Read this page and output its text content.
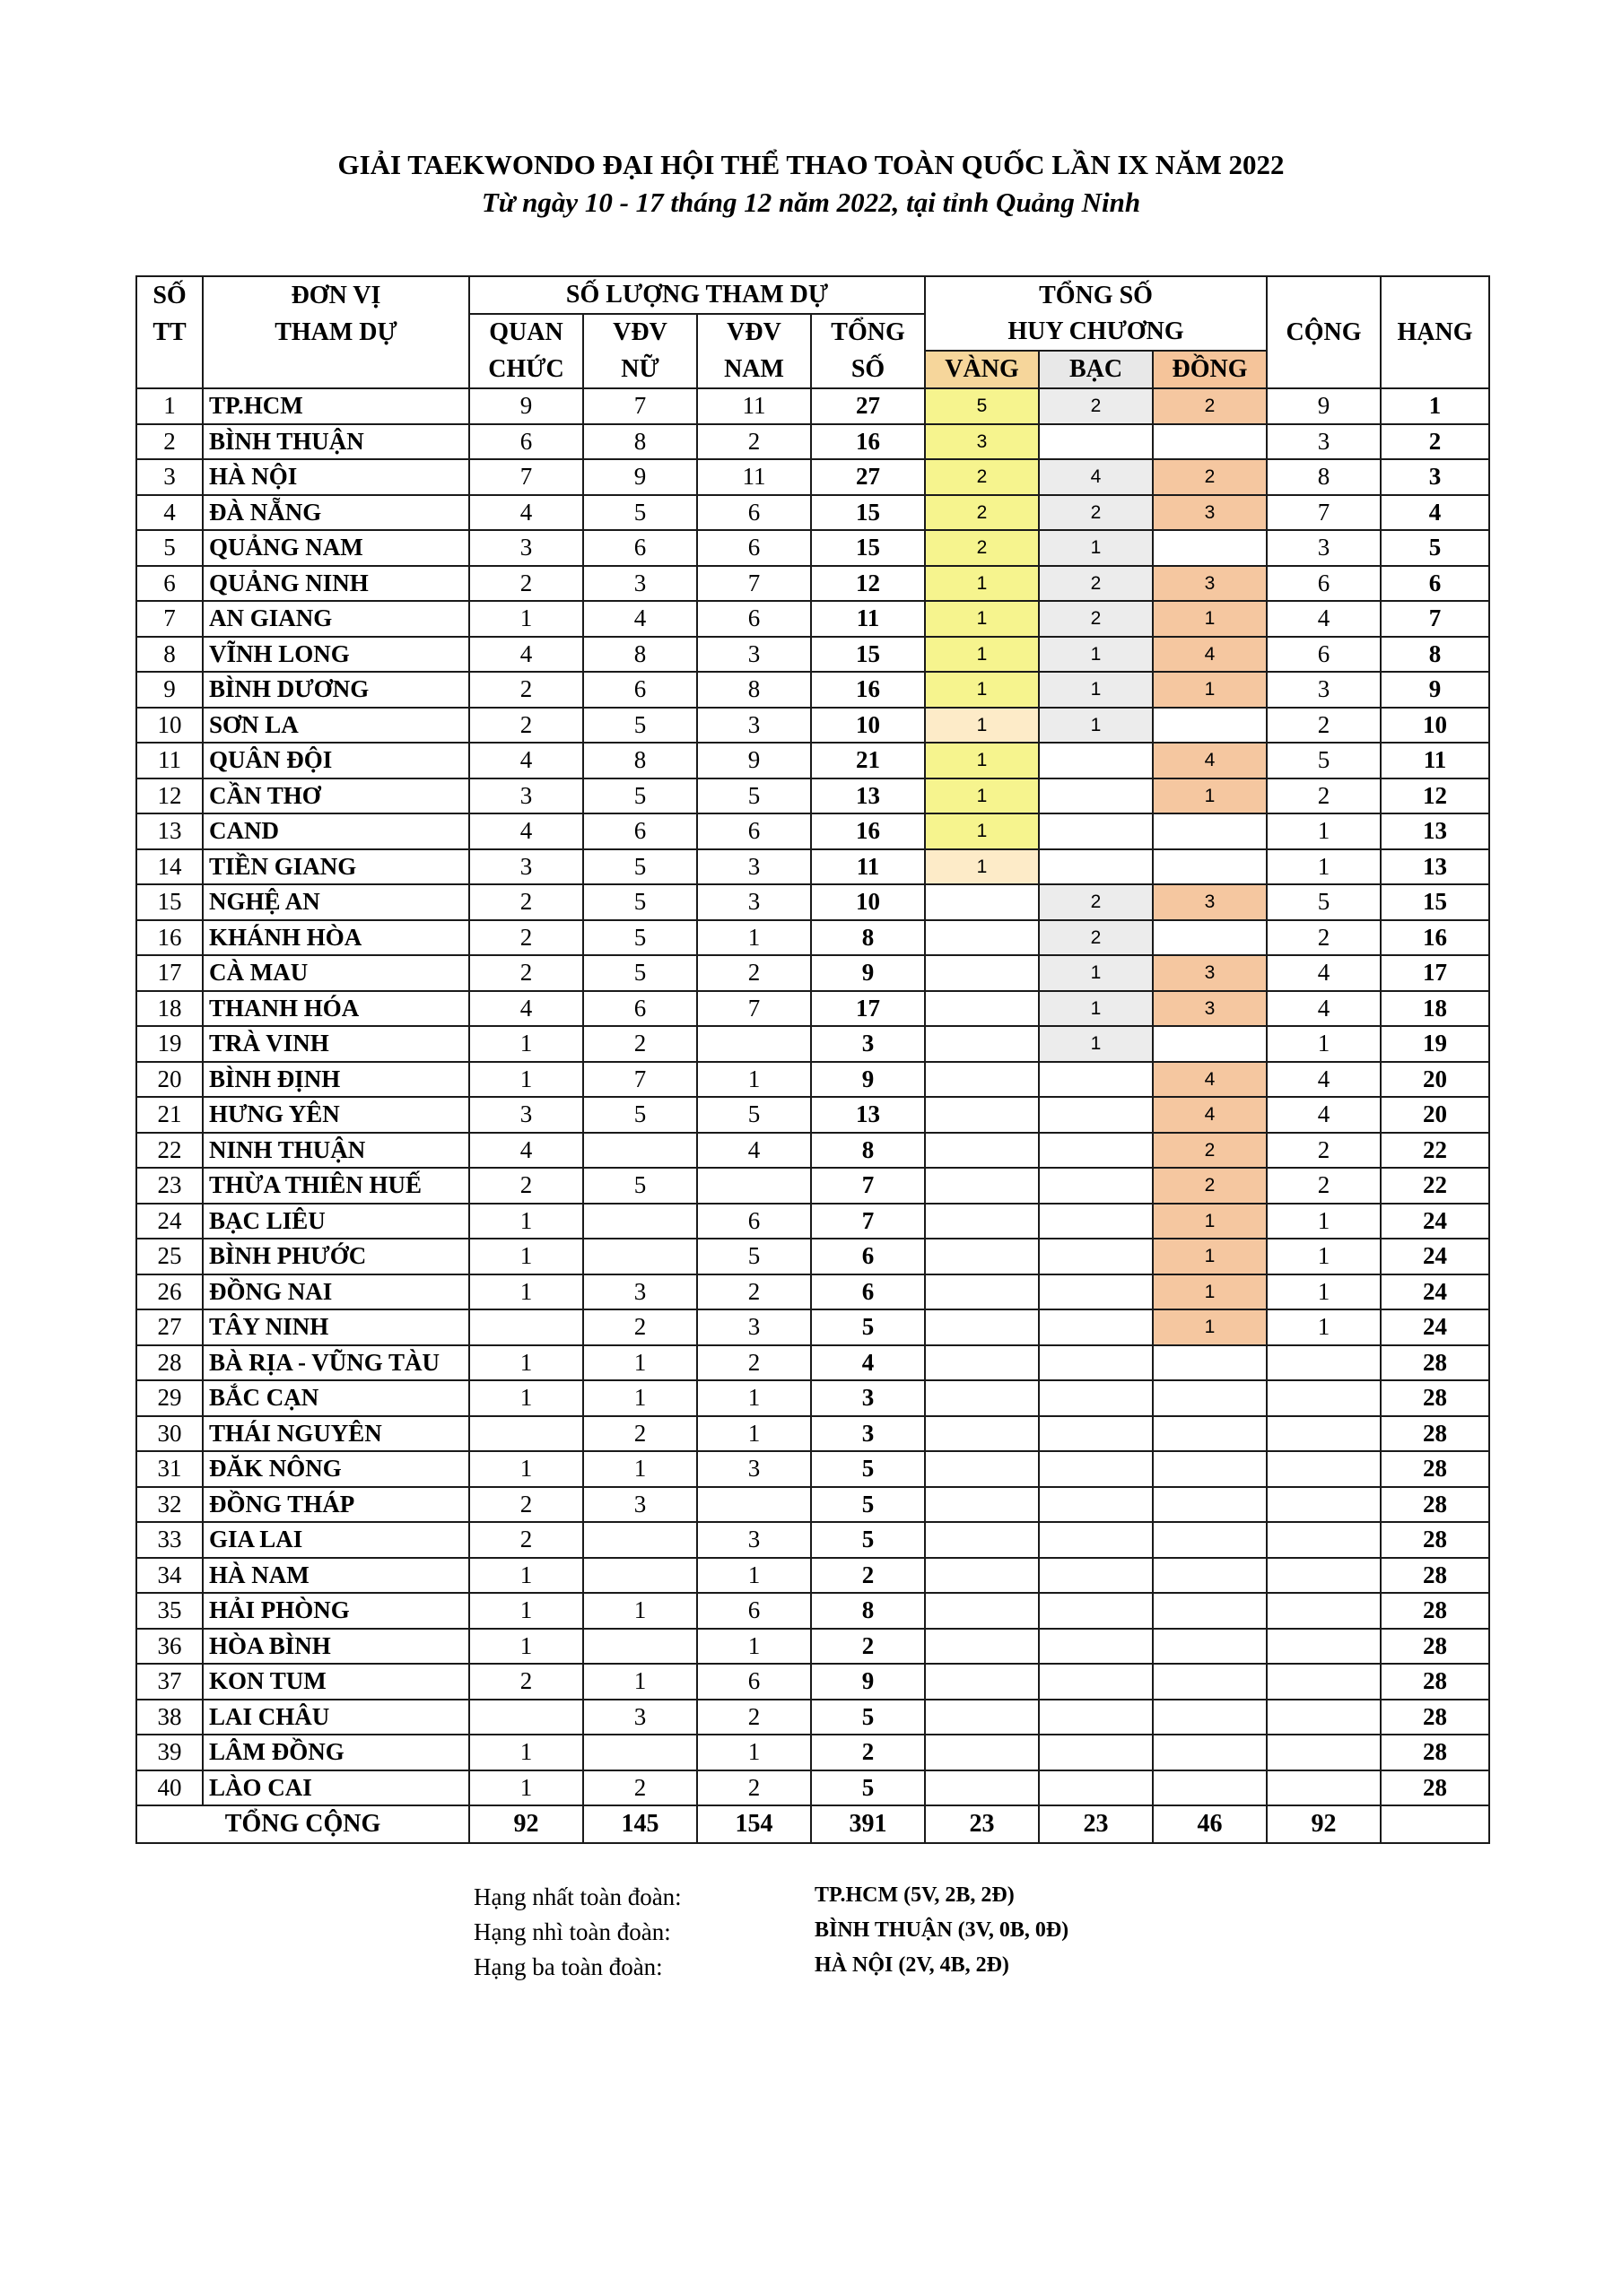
GIẢI TAEKWONDO ĐẠI HỘI THỂ THAO TOÀN QUỐC LẦN IX NĂM 2022
Từ ngày 10 - 17 tháng 12 năm 2022, tại tỉnh Quảng Ninh
SỐ	ĐƠN VỊ	SỐ LƯỢNG THAM DỰ				TỔNG SỐ				
TT	THAM DỰ	QUAN	VĐV	VĐV	TỔNG	HUY CHƯƠNG			CỘNG	HẠNG
		CHỨC	NỮ	NAM	SỐ	VÀNG	BẠC	ĐỒNG		
1	TP.HCM	9	7	11	27	5	2	2	9	1
2	BÌNH THUẬN	6	8	2	16	3			3	2
3	HÀ NỘI	7	9	11	27	2	4	2	8	3
4	ĐÀ NẴNG	4	5	6	15	2	2	3	7	4
5	QUẢNG NAM	3	6	6	15	2	1		3	5
6	QUẢNG NINH	2	3	7	12	1	2	3	6	6
7	AN GIANG	1	4	6	11	1	2	1	4	7
8	VĨNH LONG	4	8	3	15	1	1	4	6	8
9	BÌNH DƯƠNG	2	6	8	16	1	1	1	3	9
10	SƠN LA	2	5	3	10	1	1		2	10
11	QUÂN ĐỘI	4	8	9	21	1		4	5	11
12	CẦN THƠ	3	5	5	13	1		1	2	12
13	CAND	4	6	6	16	1			1	13
14	TIỀN GIANG	3	5	3	11	1			1	13
15	NGHỆ AN	2	5	3	10		2	3	5	15
16	KHÁNH HÒA	2	5	1	8		2		2	16
17	CÀ MAU	2	5	2	9		1	3	4	17
18	THANH HÓA	4	6	7	17		1	3	4	18
19	TRÀ VINH	1	2		3		1		1	19
20	BÌNH ĐỊNH	1	7	1	9			4	4	20
21	HƯNG YÊN	3	5	5	13			4	4	20
22	NINH THUẬN	4		4	8			2	2	22
23	THỪA THIÊN HUẾ	2	5		7			2	2	22
24	BẠC LIÊU	1		6	7			1	1	24
25	BÌNH PHƯỚC	1		5	6			1	1	24
26	ĐỒNG NAI	1	3	2	6			1	1	24
27	TÂY NINH		2	3	5			1	1	24
28	BÀ RỊA - VŨNG TÀU	1	1	2	4					28
29	BẮC CẠN	1	1	1	3					28
30	THÁI NGUYÊN		2	1	3					28
31	ĐĂK NÔNG	1	1	3	5					28
32	ĐỒNG THÁP	2	3		5					28
33	GIA LAI	2		3	5					28
34	HÀ NAM	1		1	2					28
35	HẢI PHÒNG	1	1	6	8					28
36	HÒA BÌNH	1		1	2					28
37	KON TUM	2	1	6	9					28
38	LAI CHÂU		3	2	5					28
39	LÂM ĐỒNG	1		1	2					28
40	LÀO CAI	1	2	2	5					28
TỔNG CỘNG		92	145	154	391	23	23	46	92	
Hạng nhất toàn đoàn:	TP.HCM (5V, 2B, 2Đ)
Hạng nhì toàn đoàn:	BÌNH THUẬN (3V, 0B, 0Đ)
Hạng ba toàn đoàn:	HÀ NỘI (2V, 4B, 2Đ)
